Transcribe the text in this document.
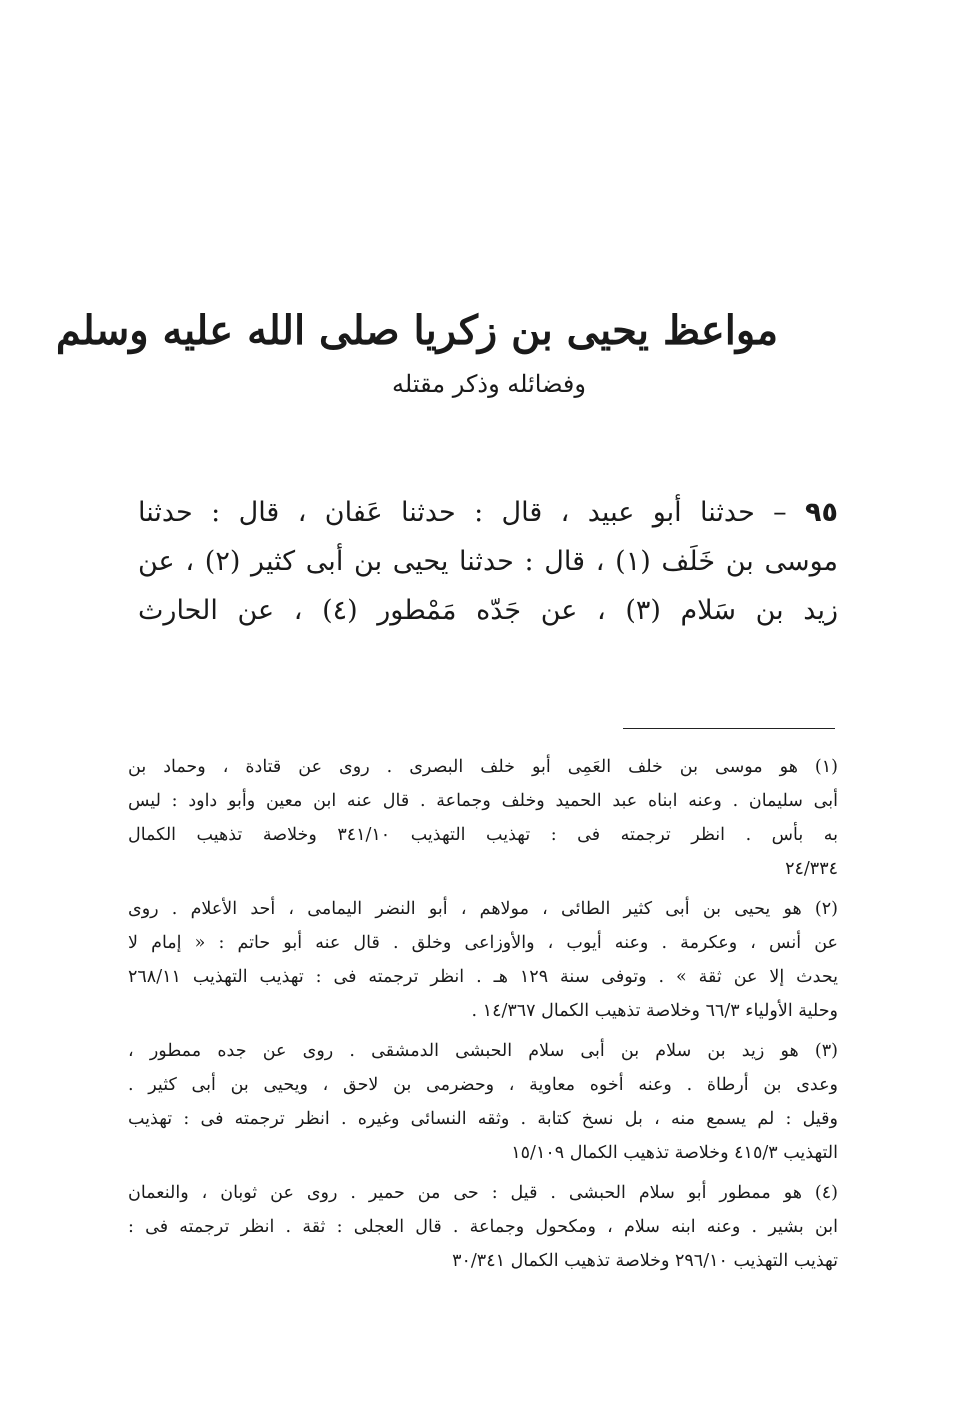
مواعظ يحيى بن زكريا صلى الله عليه وسلم
وفضائله وذكر مقتله
٩٥ – حدثنا أبو عبيد ، قال : حدثنا عَفان ، قال : حدثنا
موسى بن خَلَف (١) ، قال : حدثنا يحيى بن أبى كثير (٢) ، عن
زيد بن سَلام (٣) ، عن جَدّه مَمْطور (٤) ، عن الحارث
(١) هو موسى بن خلف العَمِى أبو خلف البصرى . روى عن قتادة ، وحماد بن
أبى سليمان . وعنه ابناه عبد الحميد وخلف وجماعة . قال عنه ابن معين وأبو داود : ليس
به بأس . انظر ترجمته فى : تهذيب التهذيب ٣٤١/١٠ وخلاصة تذهيب الكمال
٢٤/٣٣٤
(٢) هو يحيى بن أبى كثير الطائى ، مولاهم ، أبو النضر اليمامى ، أحد الأعلام . روى
عن أنس ، وعكرمة . وعنه أيوب ، والأوزاعى وخلق . قال عنه أبو حاتم : « إمام لا
يحدث إلا عن ثقة » . وتوفى سنة ١٢٩ هـ . انظر ترجمته فى : تهذيب التهذيب ٢٦٨/١١
وحلية الأولياء ٦٦/٣ وخلاصة تذهيب الكمال ١٤/٣٦٧ .
(٣) هو زيد بن سلام بن أبى سلام الحبشى الدمشقى . روى عن جده ممطور ،
وعدى بن أرطاة . وعنه أخوه معاوية ، وحضرمى بن لاحق ، ويحيى بن أبى كثير .
وقيل : لم يسمع منه ، بل نسخ كتابة . وثقه النسائى وغيره . انظر ترجمته فى : تهذيب
التهذيب ٤١٥/٣ وخلاصة تذهيب الكمال ١٥/١٠٩
(٤) هو ممطور أبو سلام الحبشى . قيل : حى من حمير . روى عن ثوبان ، والنعمان
ابن بشير . وعنه ابنه سلام ، ومكحول وجماعة . قال العجلى : ثقة . انظر ترجمته فى :
تهذيب التهذيب ٢٩٦/١٠ وخلاصة تذهيب الكمال ٣٠/٣٤١
